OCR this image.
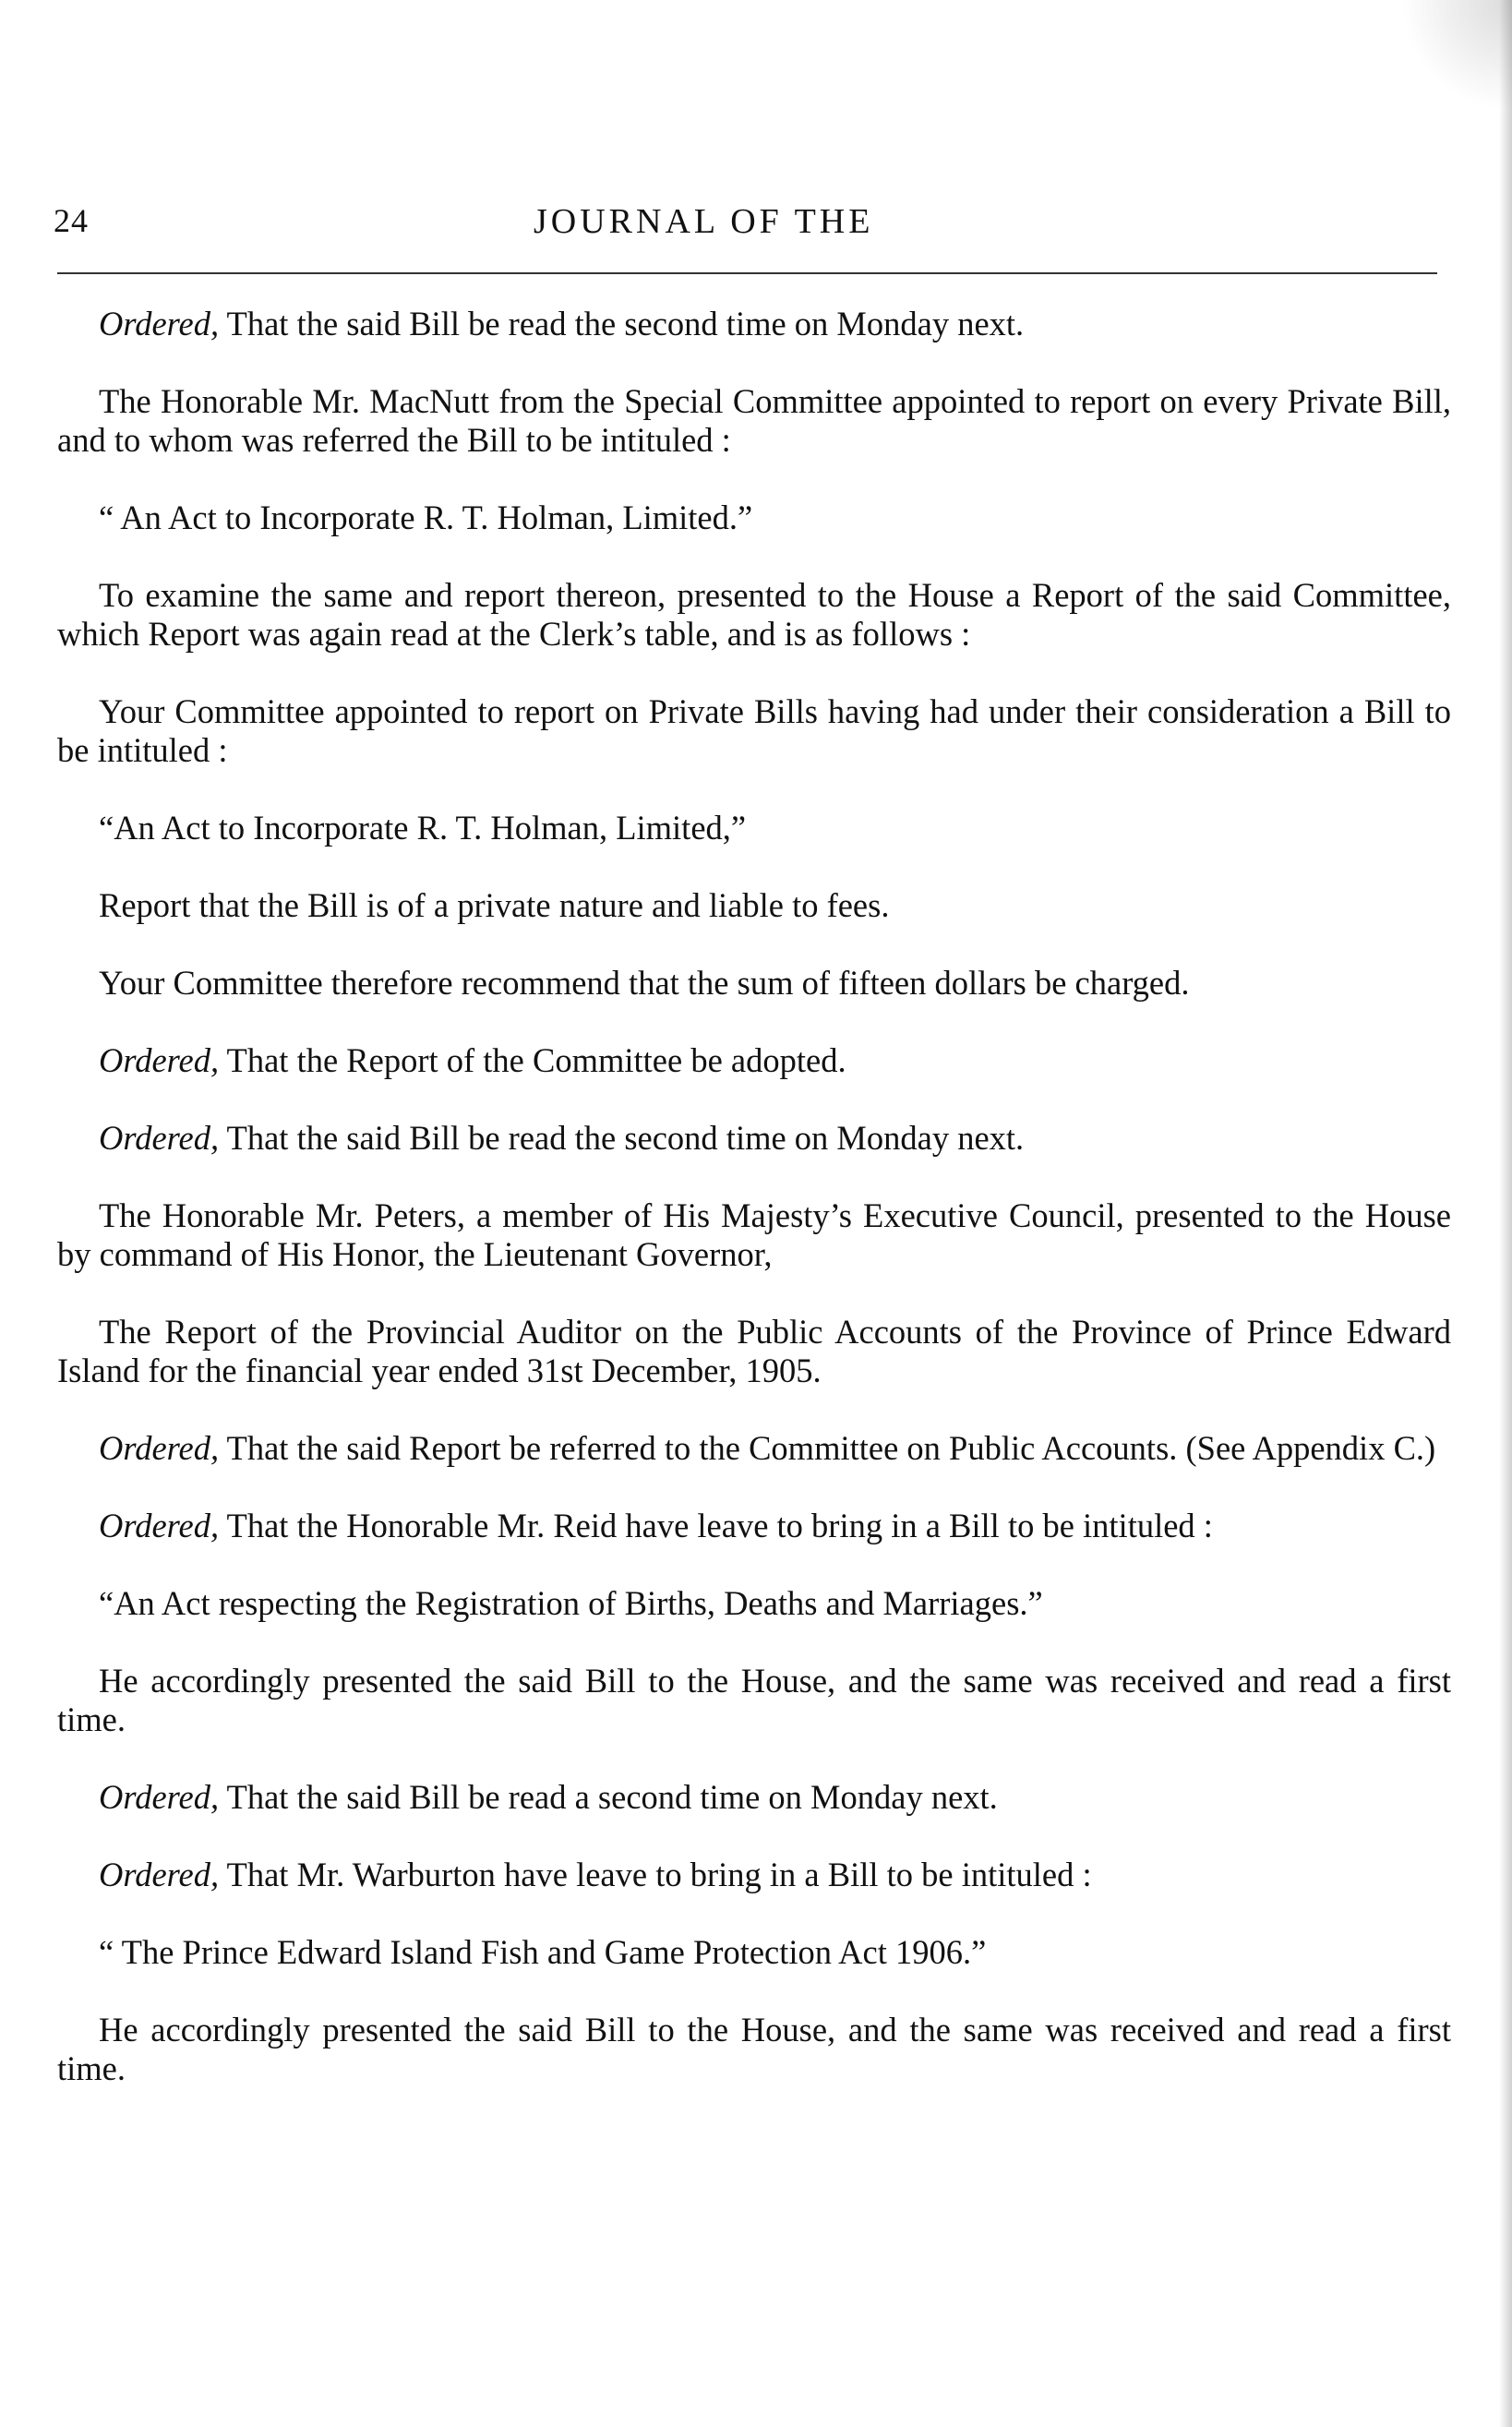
24	JOURNAL OF THE

Ordered, That the said Bill be read the second time on Monday next.

The Honorable Mr. MacNutt from the Special Committee appointed to report on every Private Bill, and to whom was referred the Bill to be intituled :

“ An Act to Incorporate R. T. Holman, Limited.”

To examine the same and report thereon, presented to the House a Report of the said Committee, which Report was again read at the Clerk’s table, and is as follows :

Your Committee appointed to report on Private Bills having had under their consideration a Bill to be intituled :

“An Act to Incorporate R. T. Holman, Limited,”

Report that the Bill is of a private nature and liable to fees.

Your Committee therefore recommend that the sum of fifteen dollars be charged.

Ordered, That the Report of the Committee be adopted.

Ordered, That the said Bill be read the second time on Monday next.

The Honorable Mr. Peters, a member of His Majesty’s Executive Council, presented to the House by command of His Honor, the Lieutenant Governor,

The Report of the Provincial Auditor on the Public Accounts of the Province of Prince Edward Island for the financial year ended 31st December, 1905.

Ordered, That the said Report be referred to the Committee on Public Accounts. (See Appendix C.)

Ordered, That the Honorable Mr. Reid have leave to bring in a Bill to be intituled :

“An Act respecting the Registration of Births, Deaths and Marriages.”

He accordingly presented the said Bill to the House, and the same was received and read a first time.

Ordered, That the said Bill be read a second time on Monday next.

Ordered, That Mr. Warburton have leave to bring in a Bill to be intituled :

“ The Prince Edward Island Fish and Game Protection Act 1906.”

He accordingly presented the said Bill to the House, and the same was received and read a first time.
